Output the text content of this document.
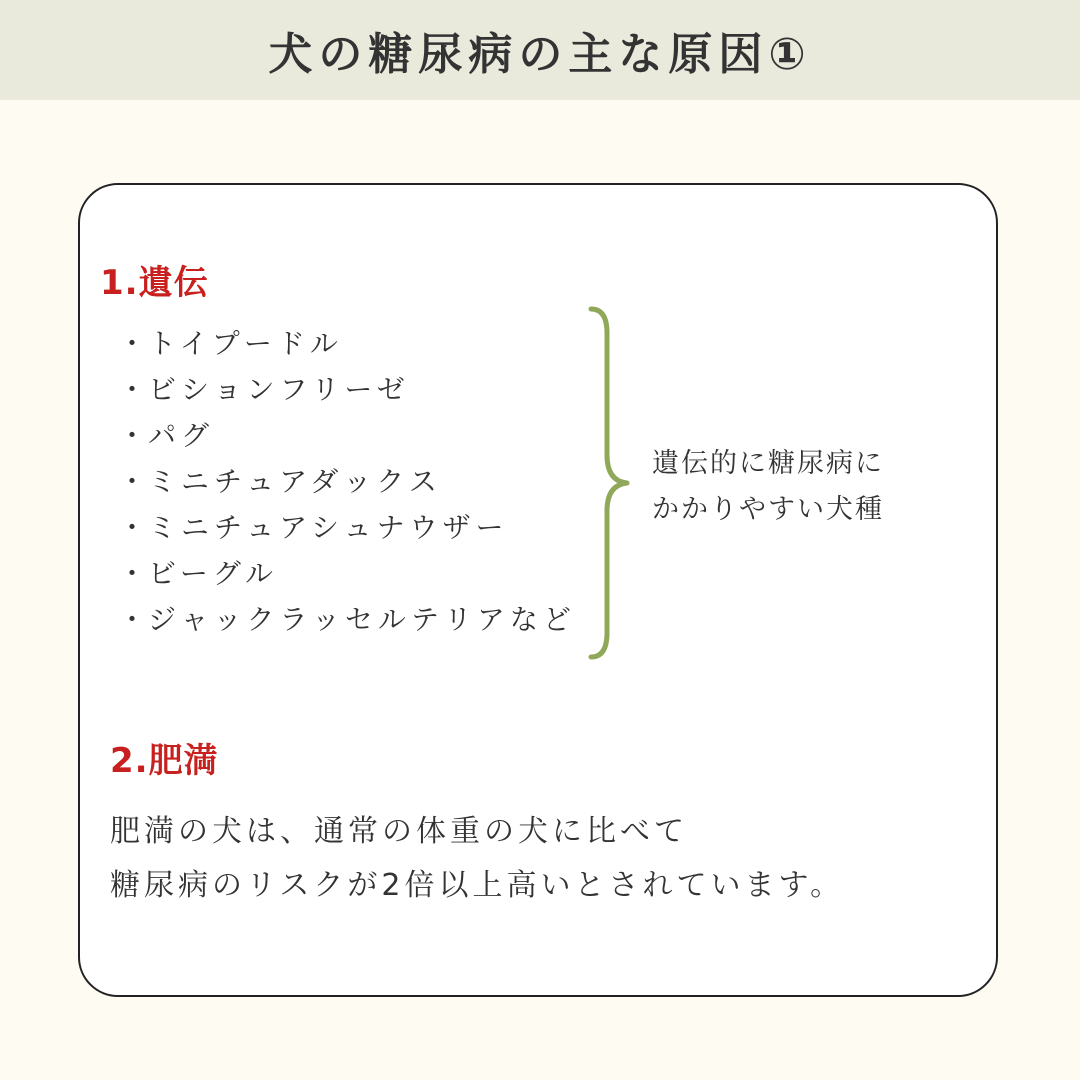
犬の糖尿病の主な原因①
1.遺伝
・トイプードル
・ビションフリーゼ
・パグ
・ミニチュアダックス
・ミニチュアシュナウザー
・ビーグル
・ジャックラッセルテリアなど
遺伝的に糖尿病に
かかりやすい犬種
2.肥満
肥満の犬は、通常の体重の犬に比べて
糖尿病のリスクが2倍以上高いとされています。
